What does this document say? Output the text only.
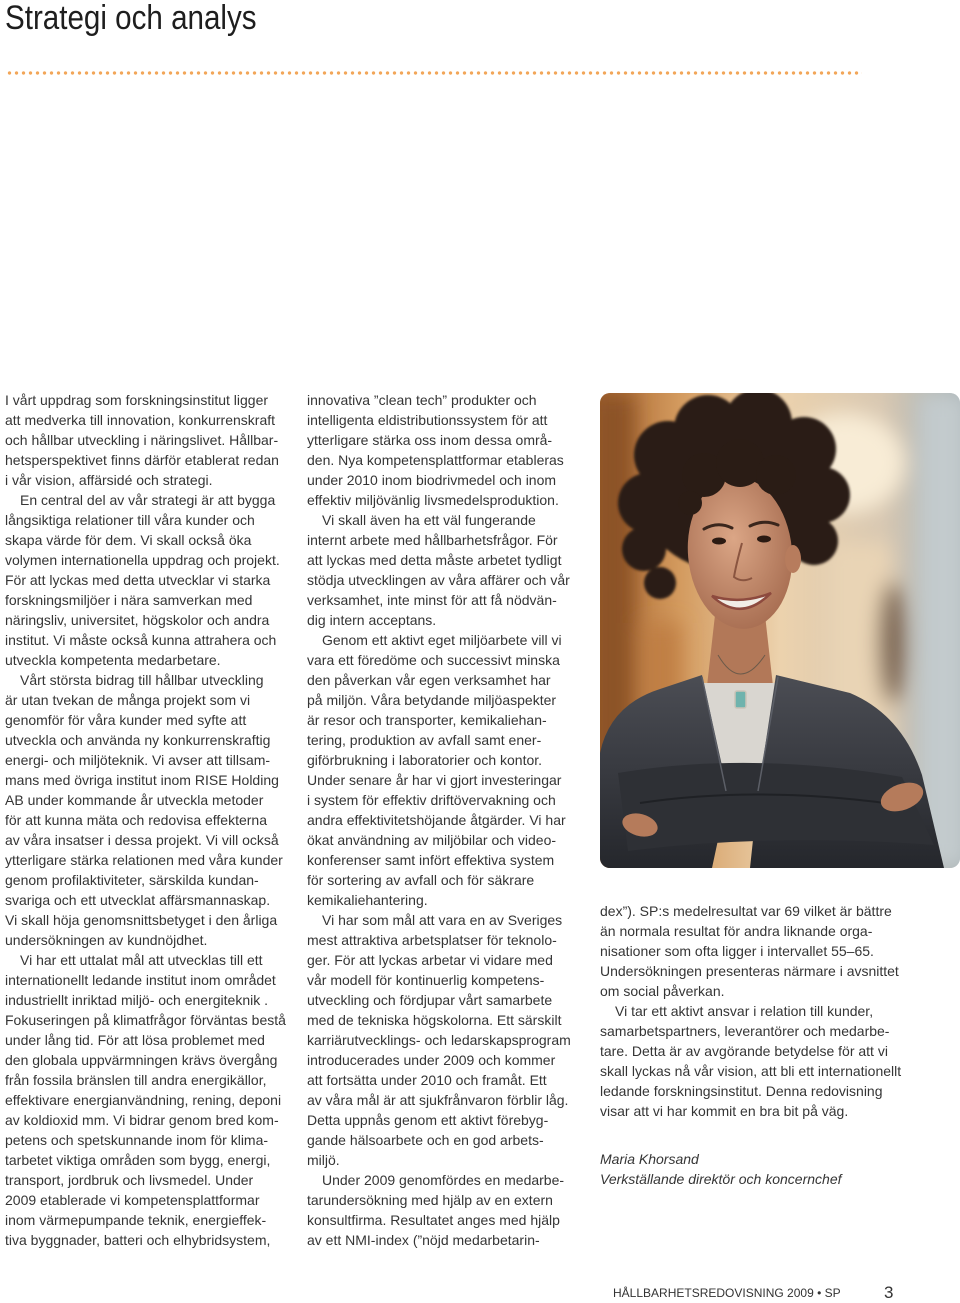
Strategi och analys
I vårt uppdrag som forskningsinstitut ligger
att medverka till innovation, konkurrenskraft
och hållbar utveckling i näringslivet. Hållbar-
hetsperspektivet finns därför etablerat redan
i vår vision, affärsidé och strategi.
En central del av vår strategi är att bygga
långsiktiga relationer till våra kunder och
skapa värde för dem. Vi skall också öka
volymen internationella uppdrag och projekt.
För att lyckas med detta utvecklar vi starka
forskningsmiljöer i nära samverkan med
näringsliv, universitet, högskolor och andra
institut. Vi måste också kunna attrahera och
utveckla kompetenta medarbetare.
Vårt största bidrag till hållbar utveckling
är utan tvekan de många projekt som vi
genomför för våra kunder med syfte att
utveckla och använda ny konkurrenskraftig
energi- och miljöteknik. Vi avser att tillsam-
mans med övriga institut inom RISE Holding
AB under kommande år utveckla metoder
för att kunna mäta och redovisa effekterna
av våra insatser i dessa projekt. Vi vill också
ytterligare stärka relationen med våra kunder
genom profilaktiviteter, särskilda kundan-
svariga och ett utvecklat affärsmannaskap.
Vi skall höja genomsnittsbetyget i den årliga
undersökningen av kundnöjdhet.
Vi har ett uttalat mål att utvecklas till ett
internationellt ledande institut inom området
industriellt inriktad miljö- och energiteknik .
Fokuseringen på klimatfrågor förväntas bestå
under lång tid. För att lösa problemet med
den globala uppvärmningen krävs övergång
från fossila bränslen till andra energikällor,
effektivare energianvändning, rening, deponi
av koldioxid mm. Vi bidrar genom bred kom-
petens och spetskunnande inom för klima-
tarbetet viktiga områden som bygg, energi,
transport, jordbruk och livsmedel. Under
2009 etablerade vi kompetensplattformar
inom värmepumpande teknik, energieffek-
tiva byggnader, batteri och elhybridsystem,
innovativa ”clean tech” produkter och
intelligenta eldistributionssystem för att
ytterligare stärka oss inom dessa områ-
den. Nya kompetensplattformar etableras
under 2010 inom biodrivmedel och inom
effektiv miljövänlig livsmedelsproduktion.
Vi skall även ha ett väl fungerande
internt arbete med hållbarhetsfrågor. För
att lyckas med detta måste arbetet tydligt
stödja utvecklingen av våra affärer och vår
verksamhet, inte minst för att få nödvän-
dig intern acceptans.
Genom ett aktivt eget miljöarbete vill vi
vara ett föredöme och successivt minska
den påverkan vår egen verksamhet har
på miljön. Våra betydande miljöaspekter
är resor och transporter, kemikaliehan-
tering, produktion av avfall samt ener-
giförbrukning i laboratorier och kontor.
Under senare år har vi gjort investeringar
i system för effektiv driftövervakning och
andra effektivitetshöjande åtgärder. Vi har
ökat användning av miljöbilar och video-
konferenser samt infört effektiva system
för sortering av avfall och för säkrare
kemikaliehantering.
Vi har som mål att vara en av Sveriges
mest attraktiva arbetsplatser för teknolo-
ger. För att lyckas arbetar vi vidare med
vår modell för kontinuerlig kompetens-
utveckling och fördjupar vårt samarbete
med de tekniska högskolorna. Ett särskilt
karriärutvecklings- och ledarskapsprogram
introducerades under 2009 och kommer
att fortsätta under 2010 och framåt. Ett
av våra mål är att sjukfrånvaron förblir låg.
Detta uppnås genom ett aktivt förebyg-
gande hälsoarbete och en god arbets-
miljö.
Under 2009 genomfördes en medarbe-
tarundersökning med hjälp av en extern
konsultfirma. Resultatet anges med hjälp
av ett NMI-index (”nöjd medarbetarin-
dex”). SP:s medelresultat var 69 vilket är bättre
än normala resultat för andra liknande orga-
nisationer som ofta ligger i intervallet 55–65.
Undersökningen presenteras närmare i avsnittet
om social påverkan.
Vi tar ett aktivt ansvar i relation till kunder,
samarbetspartners, leverantörer och medarbe-
tare. Detta är av avgörande betydelse för att vi
skall lyckas nå vår vision, att bli ett internationellt
ledande forskningsinstitut. Denna redovisning
visar att vi har kommit en bra bit på väg.
Maria Khorsand
Verkställande direktör och koncernchef
HÅLLBARHETSREDOVISNING 2009 • SP	3
